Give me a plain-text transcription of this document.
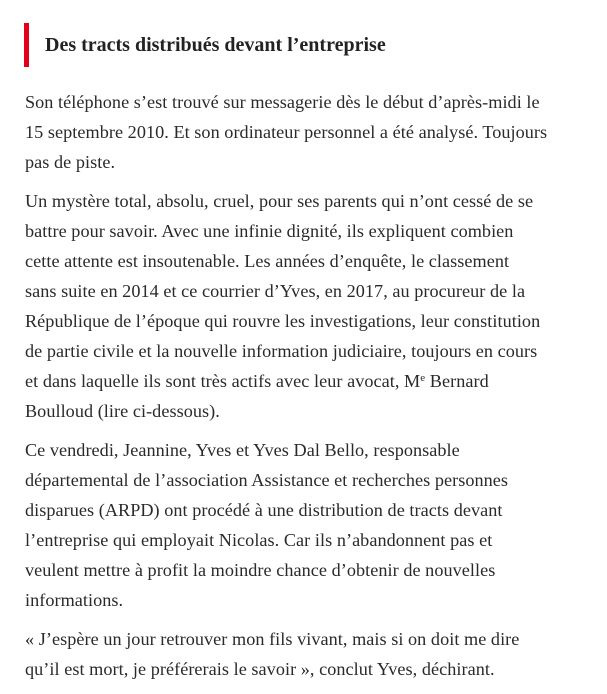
Des tracts distribués devant l’entreprise

Son téléphone s’est trouvé sur messagerie dès le début d’après-midi le
15 septembre 2010. Et son ordinateur personnel a été analysé. Toujours
pas de piste.

Un mystère total, absolu, cruel, pour ses parents qui n’ont cessé de se
battre pour savoir. Avec une infinie dignité, ils expliquent combien
cette attente est insoutenable. Les années d’enquête, le classement
sans suite en 2014 et ce courrier d’Yves, en 2017, au procureur de la
République de l’époque qui rouvre les investigations, leur constitution
de partie civile et la nouvelle information judiciaire, toujours en cours
et dans laquelle ils sont très actifs avec leur avocat, Me Bernard
Boulloud (lire ci-dessous).

Ce vendredi, Jeannine, Yves et Yves Dal Bello, responsable
départemental de l’association Assistance et recherches personnes
disparues (ARPD) ont procédé à une distribution de tracts devant
l’entreprise qui employait Nicolas. Car ils n’abandonnent pas et
veulent mettre à profit la moindre chance d’obtenir de nouvelles
informations.

« J’espère un jour retrouver mon fils vivant, mais si on doit me dire
qu’il est mort, je préférerais le savoir », conclut Yves, déchirant.
